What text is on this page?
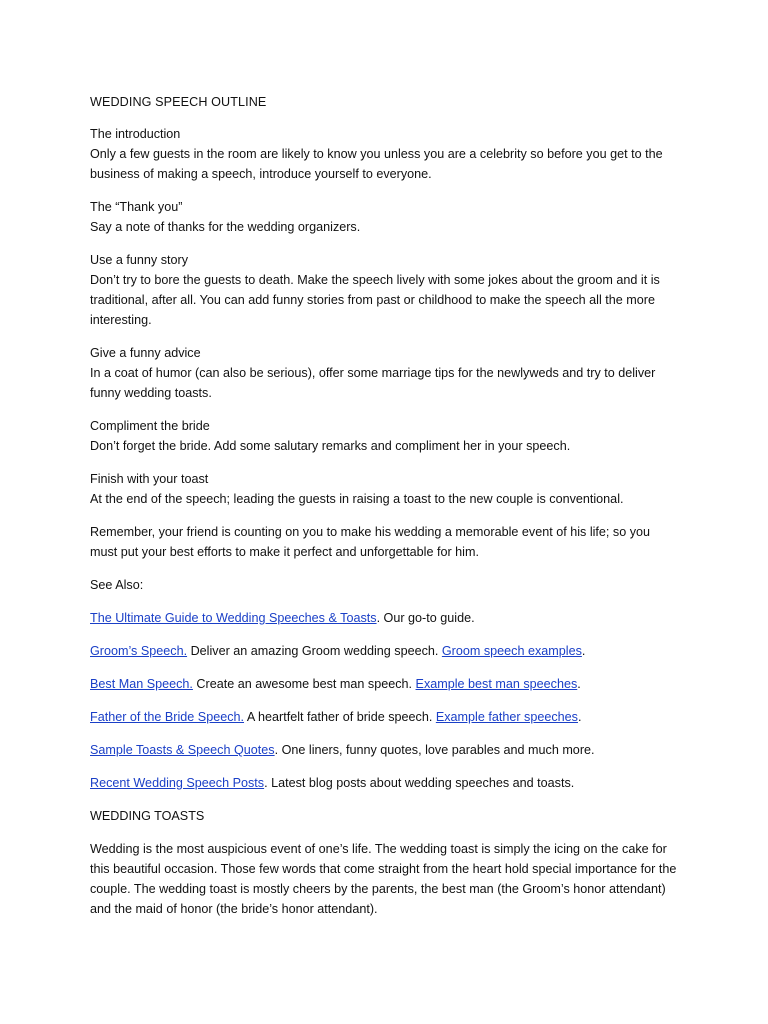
WEDDING SPEECH OUTLINE

The introduction
Only a few guests in the room are likely to know you unless you are a celebrity so before you get to the business of making a speech, introduce yourself to everyone.
The “Thank you”
Say a note of thanks for the wedding organizers.
Use a funny story
Don’t try to bore the guests to death. Make the speech lively with some jokes about the groom and it is traditional, after all. You can add funny stories from past or childhood to make the speech all the more interesting.
Give a funny advice
In a coat of humor (can also be serious), offer some marriage tips for the newlyweds and try to deliver funny wedding toasts.
Compliment the bride
Don’t forget the bride. Add some salutary remarks and compliment her in your speech.
Finish with your toast
At the end of the speech; leading the guests in raising a toast to the new couple is conventional.

Remember, your friend is counting on you to make his wedding a memorable event of his life; so you must put your best efforts to make it perfect and unforgettable for him.

See Also:

The Ultimate Guide to Wedding Speeches & Toasts. Our go-to guide.

Groom’s Speech. Deliver an amazing Groom wedding speech. Groom speech examples.

Best Man Speech. Create an awesome best man speech. Example best man speeches.

Father of the Bride Speech. A heartfelt father of bride speech. Example father speeches.

Sample Toasts & Speech Quotes. One liners, funny quotes, love parables and much more.

Recent Wedding Speech Posts. Latest blog posts about wedding speeches and toasts.

WEDDING TOASTS

Wedding is the most auspicious event of one’s life. The wedding toast is simply the icing on the cake for this beautiful occasion. Those few words that come straight from the heart hold special importance for the couple. The wedding toast is mostly cheers by the parents, the best man (the Groom’s honor attendant) and the maid of honor (the bride’s honor attendant).
